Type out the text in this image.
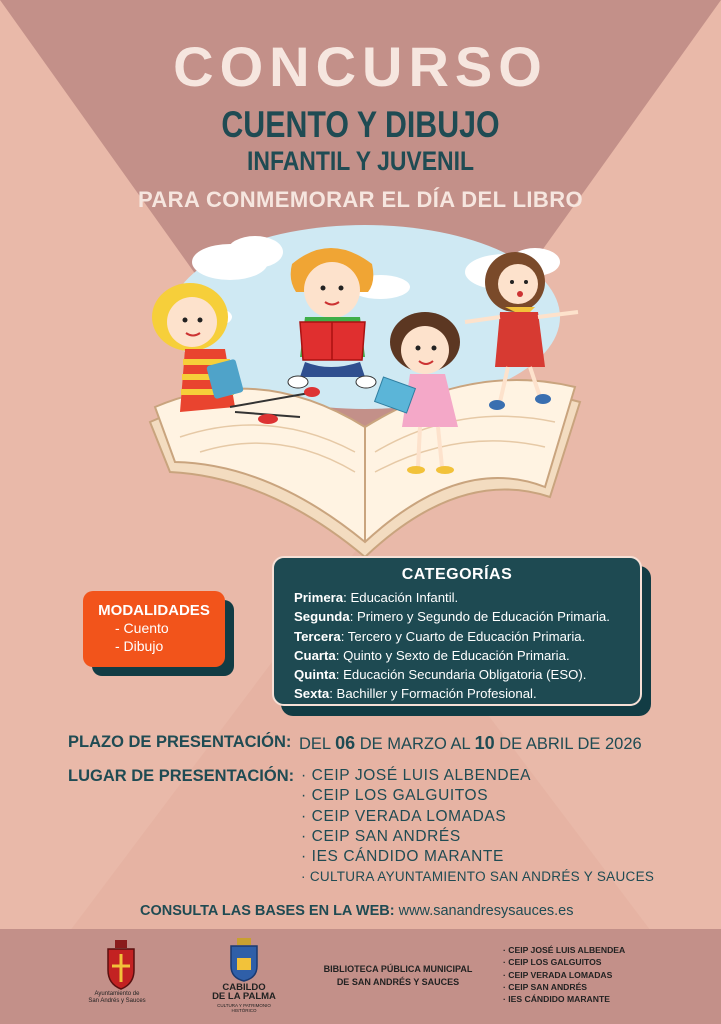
CONCURSO
CUENTO Y DIBUJO
INFANTIL Y JUVENIL
PARA CONMEMORAR EL DÍA DEL LIBRO
MODALIDADES
- Cuento
- Dibujo
CATEGORÍAS
Primera: Educación Infantil.
Segunda: Primero y Segundo de Educación Primaria.
Tercera: Tercero y Cuarto de Educación Primaria.
Cuarta: Quinto y Sexto de Educación Primaria.
Quinta: Educación Secundaria Obligatoria (ESO).
Sexta: Bachiller y Formación Profesional.
PLAZO DE PRESENTACIÓN: DEL 06 DE MARZO AL 10 DE ABRIL DE 2026
LUGAR DE PRESENTACIÓN: · CEIP JOSÉ LUIS ALBENDEA
· CEIP LOS GALGUITOS
· CEIP VERADA LOMADAS
· CEIP SAN ANDRÉS
· IES CÁNDIDO MARANTE
· CULTURA AYUNTAMIENTO SAN ANDRÉS Y SAUCES
CONSULTA LAS BASES EN LA WEB: www.sanandresysauces.es
Ayuntamiento de
San Andrés y Sauces
CABILDO
DE LA PALMA
CULTURA Y PATRIMONIO HISTÓRICO
BIBLIOTECA PÚBLICA MUNICIPAL
DE SAN ANDRÉS Y SAUCES
· CEIP JOSÉ LUIS ALBENDEA
· CEIP LOS GALGUITOS
· CEIP VERADA LOMADAS
· CEIP SAN ANDRÉS
· IES CÁNDIDO MARANTE
